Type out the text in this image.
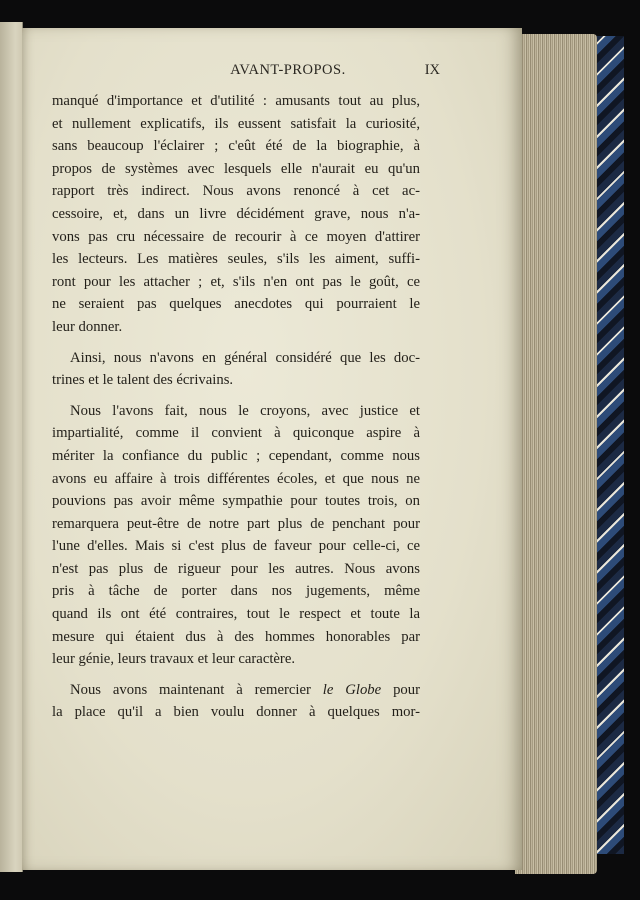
AVANT-PROPOS.	IX
manqué d'importance et d'utilité : amusants tout au plus,
et nullement explicatifs, ils eussent satisfait la curiosité,
sans beaucoup l'éclairer ; c'eût été de la biographie, à
propos de systèmes avec lesquels elle n'aurait eu qu'un
rapport très indirect. Nous avons renoncé à cet ac-
cessoire, et, dans un livre décidément grave, nous n'a-
vons pas cru nécessaire de recourir à ce moyen d'attirer
les lecteurs. Les matières seules, s'ils les aiment, suffi-
ront pour les attacher ; et, s'ils n'en ont pas le goût, ce
ne seraient pas quelques anecdotes qui pourraient le
leur donner.
Ainsi, nous n'avons en général considéré que les doc-
trines et le talent des écrivains.
Nous l'avons fait, nous le croyons, avec justice et
impartialité, comme il convient à quiconque aspire à
mériter la confiance du public ; cependant, comme nous
avons eu affaire à trois différentes écoles, et que nous ne
pouvions pas avoir même sympathie pour toutes trois, on
remarquera peut-être de notre part plus de penchant pour
l'une d'elles. Mais si c'est plus de faveur pour celle-ci, ce
n'est pas plus de rigueur pour les autres. Nous avons
pris à tâche de porter dans nos jugements, même
quand ils ont été contraires, tout le respect et toute la
mesure qui étaient dus à des hommes honorables par
leur génie, leurs travaux et leur caractère.
Nous avons maintenant à remercier le Globe pour
la place qu'il a bien voulu donner à quelques mor-
